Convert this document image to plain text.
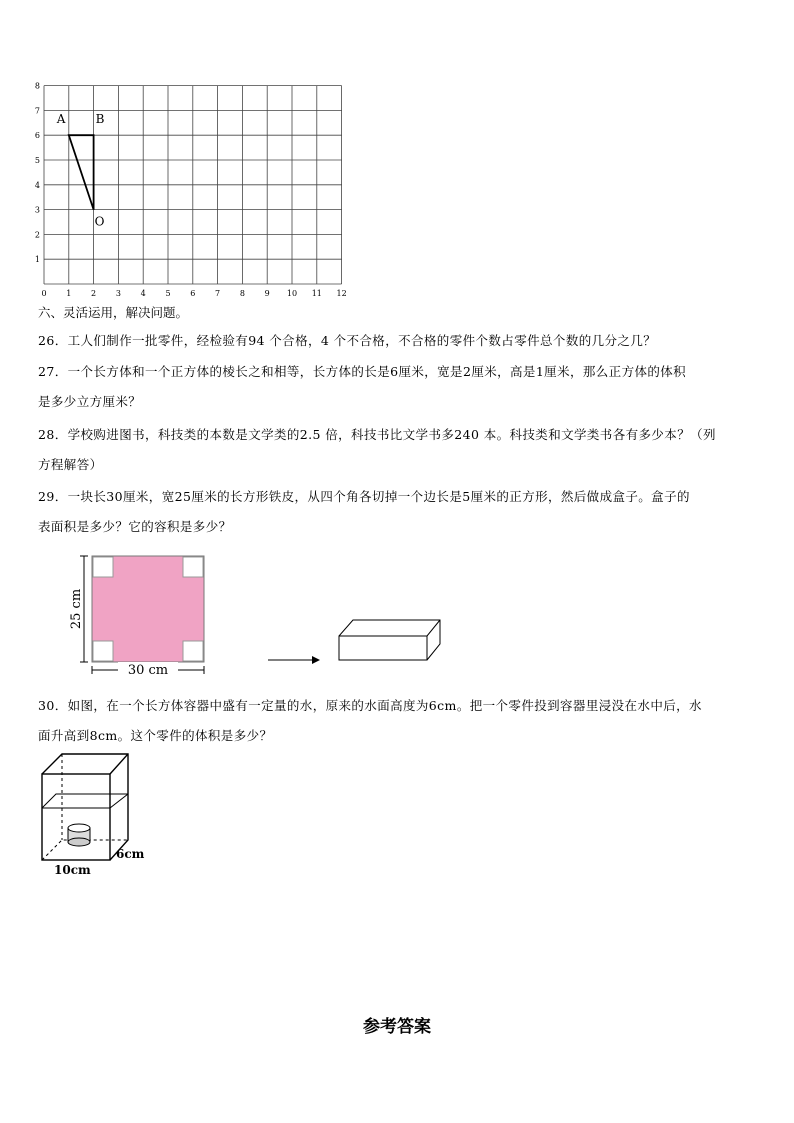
0 1 2 3 4 5 6 7 8 9 10 11 12
1
2
3
4
5
6
7
8
A	B
O
六、灵活运用，解决问题。
26．工人们制作一批零件，经检验有94 个合格，4 个不合格，不合格的零件个数占零件总个数的几分之几？
27．一个长方体和一个正方体的棱长之和相等，长方体的长是6厘米，宽是2厘米，高是1厘米，那么正方体的体积
是多少立方厘米？
28．学校购进图书，科技类的本数是文学类的2.5 倍，科技书比文学书多240 本。科技类和文学类书各有多少本？（列
方程解答）
29．一块长30厘米，宽25厘米的长方形铁皮，从四个角各切掉一个边长是5厘米的正方形，然后做成盒子。盒子的
表面积是多少？它的容积是多少？
25 cm
30 cm
30．如图，在一个长方体容器中盛有一定量的水，原来的水面高度为6cm。把一个零件投到容器里浸没在水中后，水
面升高到8cm。这个零件的体积是多少？
10cm
6cm
参考答案
